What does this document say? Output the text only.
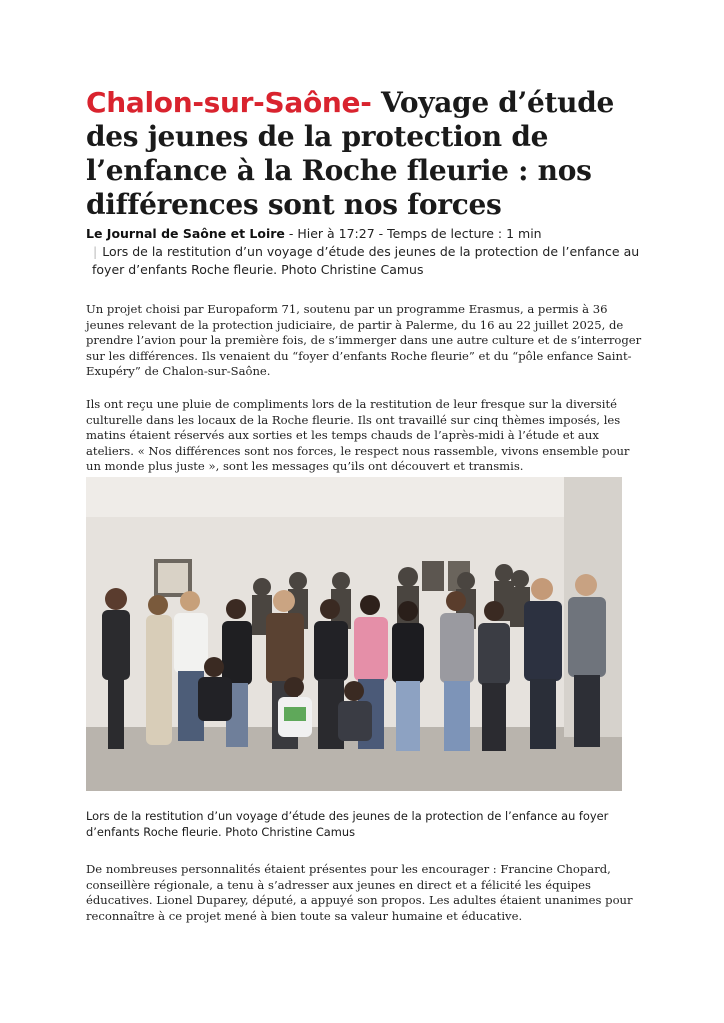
Chalon-sur-Saône- Voyage d’étude des jeunes de la protection de l’enfance à la Roche fleurie : nos différences sont nos forces
Le Journal de Saône et Loire - Hier à 17:27 - Temps de lecture : 1 min
| Lors de la restitution d’un voyage d’étude des jeunes de la protection de l’enfance au foyer d’enfants Roche fleurie. Photo Christine Camus

Un projet choisi par Europaform 71, soutenu par un programme Erasmus, a permis à 36 jeunes relevant de la protection judiciaire, de partir à Palerme, du 16 au 22 juillet 2025, de prendre l’avion pour la première fois, de s’immerger dans une autre culture et de s’interroger sur les différences. Ils venaient du “foyer d’enfants Roche fleurie” et du “pôle enfance Saint-Exupéry” de Chalon-sur-Saône.

Ils ont reçu une pluie de compliments lors de la restitution de leur fresque sur la diversité culturelle dans les locaux de la Roche fleurie. Ils ont travaillé sur cinq thèmes imposés, les matins étaient réservés aux sorties et les temps chauds de l’après-midi à l’étude et aux ateliers. « Nos différences sont nos forces, le respect nous rassemble, vivons ensemble pour un monde plus juste », sont les messages qu’ils ont découvert et transmis.

Lors de la restitution d’un voyage d’étude des jeunes de la protection de l’enfance au foyer d’enfants Roche fleurie. Photo Christine Camus

De nombreuses personnalités étaient présentes pour les encourager : Francine Chopard, conseillère régionale, a tenu à s’adresser aux jeunes en direct et a félicité les équipes éducatives. Lionel Duparey, député, a appuyé son propos. Les adultes étaient unanimes pour reconnaître à ce projet mené à bien toute sa valeur humaine et éducative.
